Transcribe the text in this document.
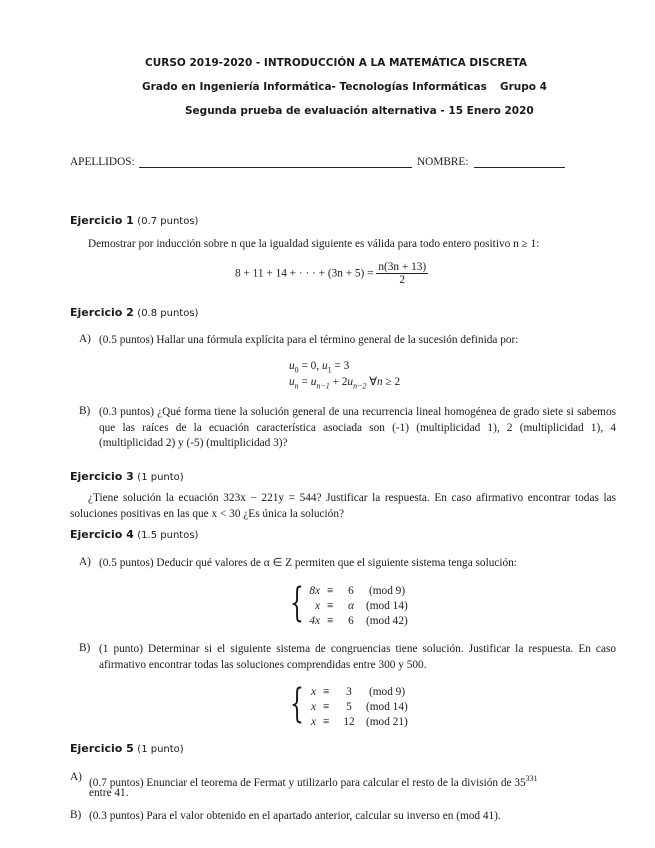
CURSO 2019-2020 - INTRODUCCIÓN A LA MATEMÁTICA DISCRETA
Grado en Ingeniería Informática- Tecnologías Informáticas Grupo 4
Segunda prueba de evaluación alternativa - 15 Enero 2020
APELLIDOS:	NOMBRE:
Ejercicio 1 (0.7 puntos)
Demostrar por inducción sobre n que la igualdad siguiente es válida para todo entero positivo n ≥ 1:
8 + 11 + 14 + · · · + $(3n + 5) = \frac{n(3n + 13)}{2}$
Ejercicio 2 (0.8 puntos)
A) (0.5 puntos) Hallar una fórmula explícita para el término general de la sucesión definida por:
$u_0 = 0$, $u_1 = 3$
$u_n = u_{n-1} + 2u_{n-2}$ ∀n ≥ 2
B) (0.3 puntos) ¿Qué forma tiene la solución general de una recurrencia lineal homogénea de grado siete si sabemos que las raíces de la ecuación característica asociada son (-1) (multiplicidad 1), 2 (multiplicidad 1), 4 (multiplicidad 2) y (-5) (multiplicidad 3)?
Ejercicio 3 (1 punto)
¿Tiene solución la ecuación 323x − 221y = 544? Justificar la respuesta. En caso afirmativo encontrar todas las soluciones positivas en las que x < 30 ¿Es única la solución?
Ejercicio 4 (1.5 puntos)
A) (0.5 puntos) Deducir qué valores de α ∈ Z permiten que el siguiente sistema tenga solución:
{ 8x ≡ 6 (mod 9)
x ≡ α (mod 14)
4x ≡ 6 (mod 42)
B) (1 punto) Determinar si el siguiente sistema de congruencias tiene solución. Justificar la respuesta. En caso afirmativo encontrar todas las soluciones comprendidas entre 300 y 500.
{ x ≡	3	(mod 9)
x ≡	5	(mod 14)
x ≡ 12 (mod 21)
Ejercicio 5 (1 punto)
A) (0.7 puntos) Enunciar el teorema de Fermat y utilizarlo para calcular el resto de la división de $35^{331}$
entre 41.
B) (0.3 puntos) Para el valor obtenido en el apartado anterior, calcular su inverso en (mod 41).
